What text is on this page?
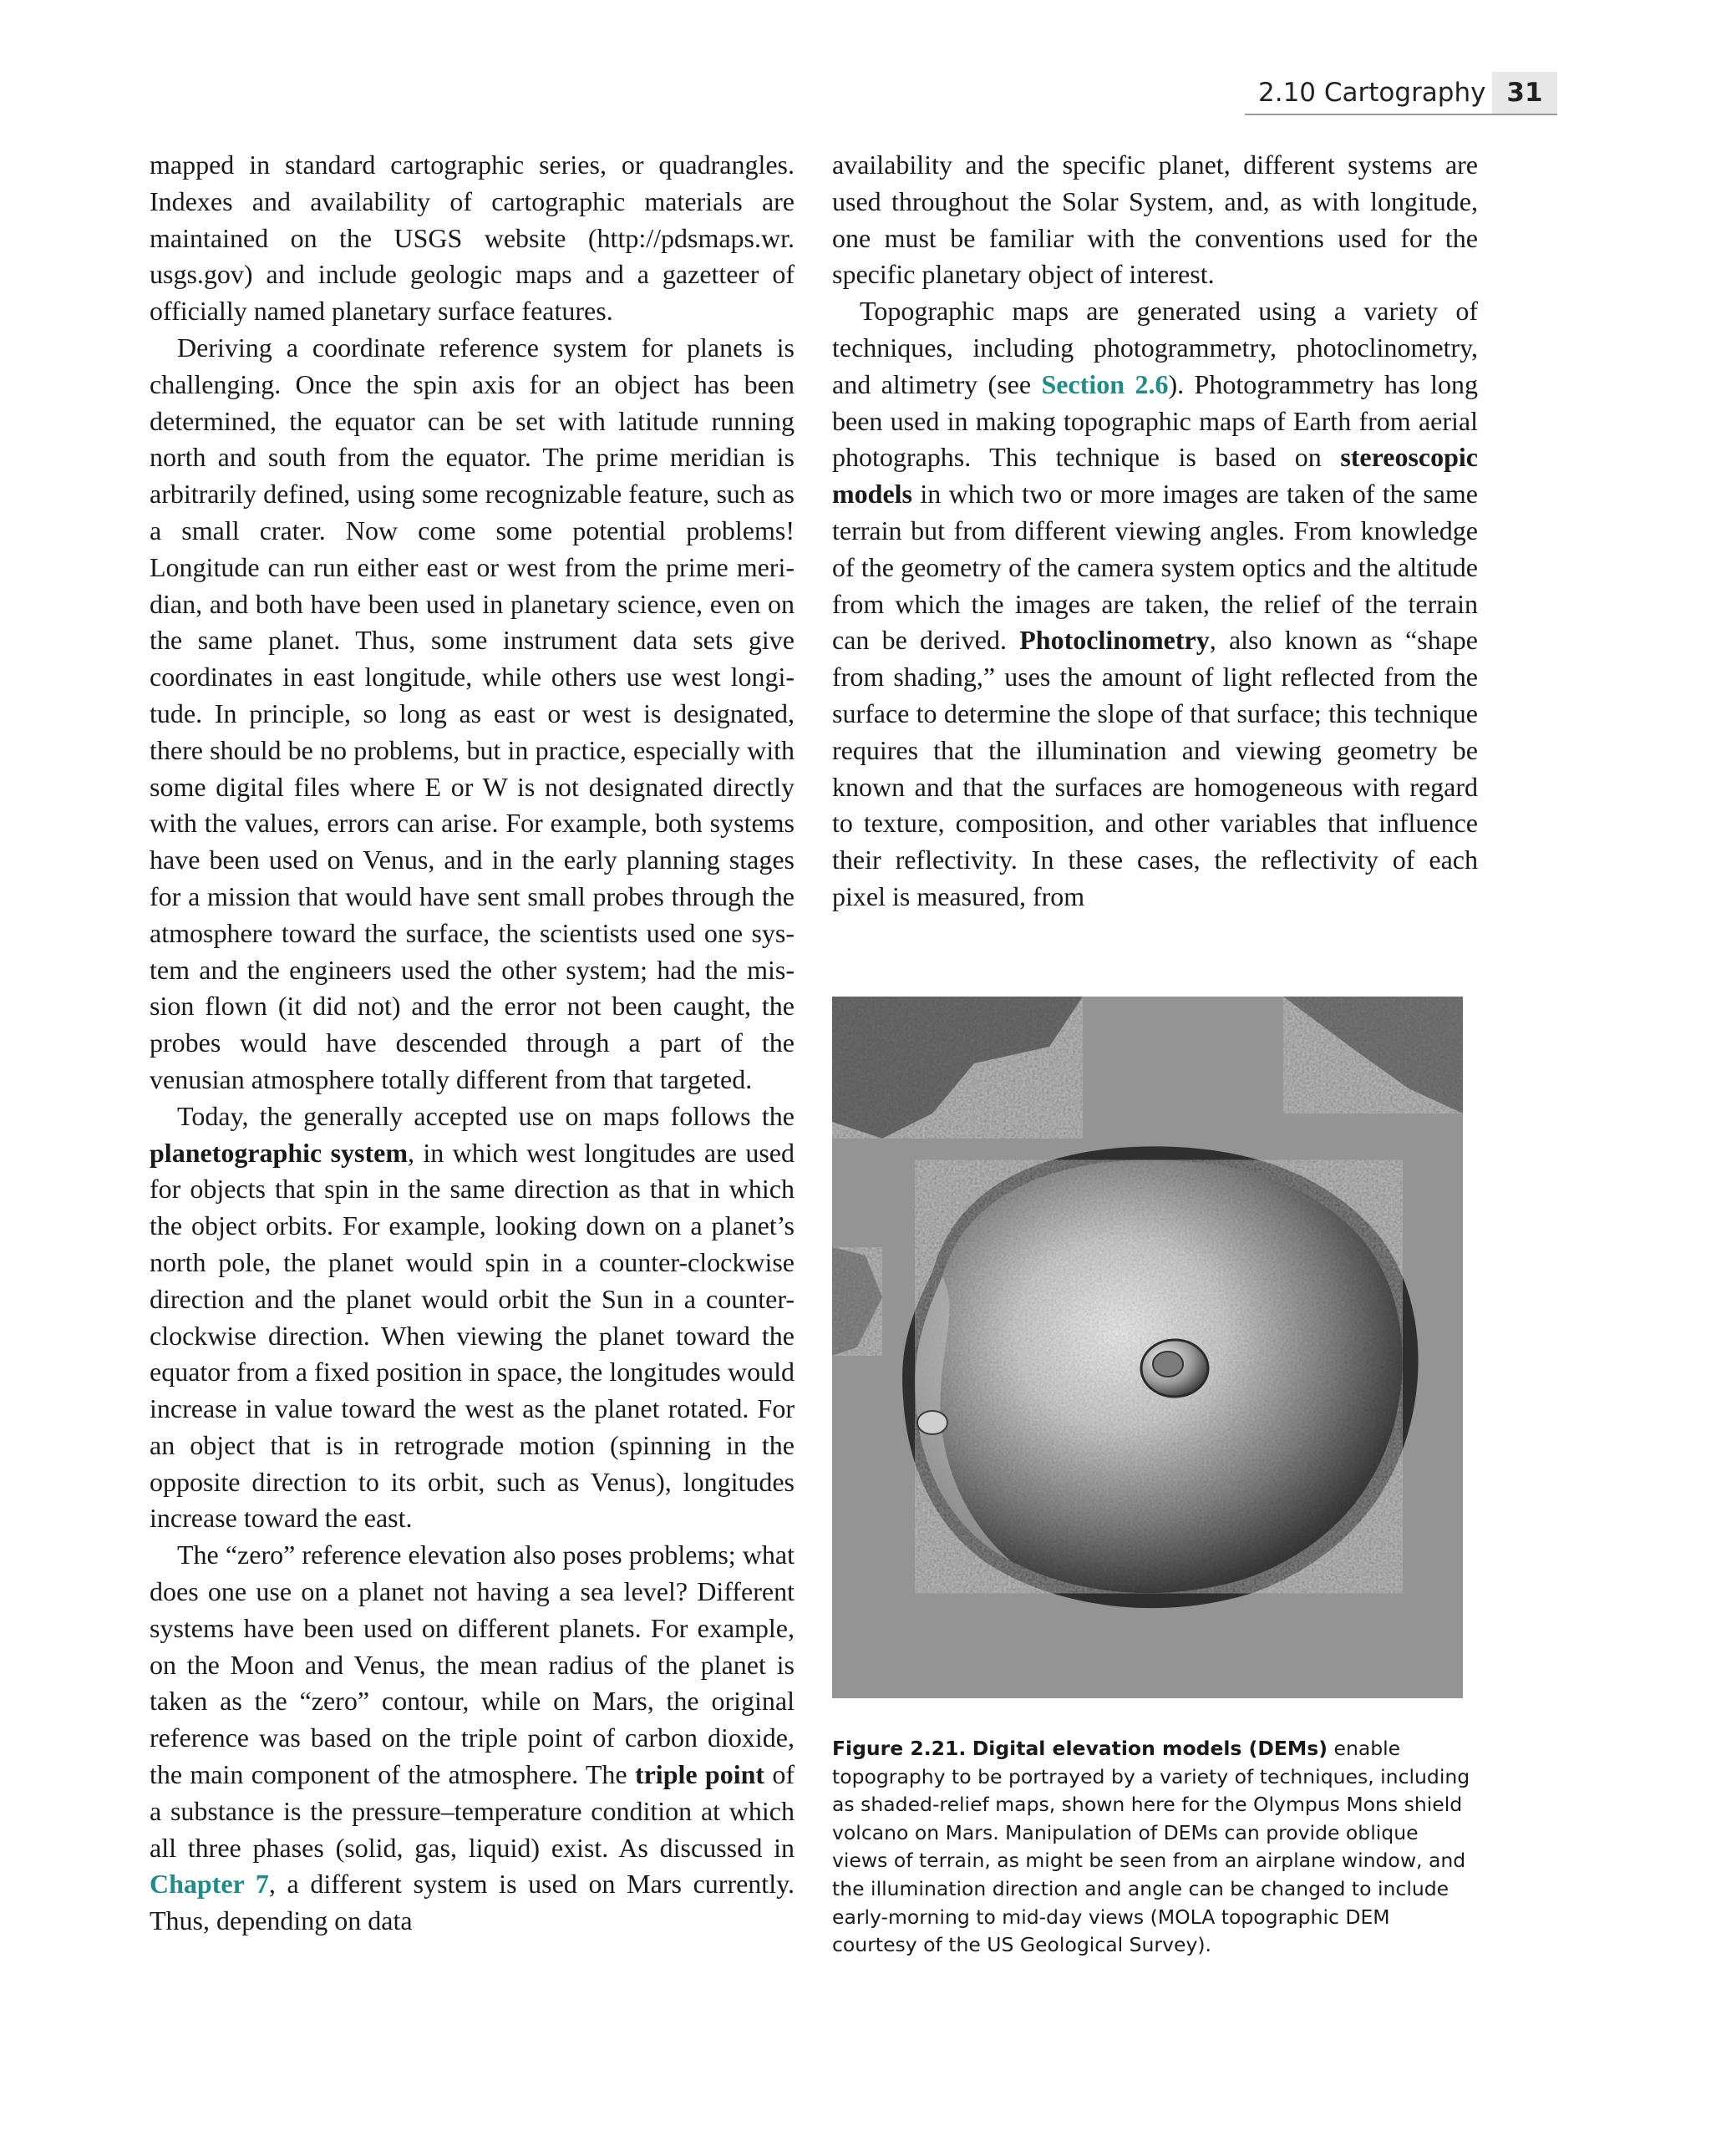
2.10 Cartography 31

mapped in standard cartographic series, or quadrangles. Indexes and availability of cartographic materials are maintained on the USGS website (http://pdsmaps.wr.​usgs.gov) and include geologic maps and a gazetteer of officially named planetary surface features.

Deriving a coordinate reference system for planets is challenging. Once the spin axis for an object has been determined, the equator can be set with latitude running north and south from the equator. The prime meridian is arbitrarily defined, using some recognizable feature, such as a small crater. Now come some potential problems! Longitude can run either east or west from the prime meridian, and both have been used in planetary science, even on the same planet. Thus, some instrument data sets give coordinates in east longitude, while others use west longitude. In principle, so long as east or west is designated, there should be no problems, but in practice, especially with some digital files where E or W is not designated directly with the values, errors can arise. For example, both systems have been used on Venus, and in the early planning stages for a mission that would have sent small probes through the atmosphere toward the surface, the scientists used one system and the engineers used the other system; had the mission flown (it did not) and the error not been caught, the probes would have descended through a part of the venusian atmosphere totally different from that targeted.

Today, the generally accepted use on maps follows the planetographic system, in which west longitudes are used for objects that spin in the same direction as that in which the object orbits. For example, looking down on a planet’s north pole, the planet would spin in a counter-clockwise direction and the planet would orbit the Sun in a counter-clockwise direction. When viewing the planet toward the equator from a fixed position in space, the longitudes would increase in value toward the west as the planet rotated. For an object that is in retrograde motion (spinning in the opposite direction to its orbit, such as Venus), longitudes increase toward the east.

The “zero” reference elevation also poses problems; what does one use on a planet not having a sea level? Different systems have been used on different planets. For example, on the Moon and Venus, the mean radius of the planet is taken as the “zero” contour, while on Mars, the original reference was based on the triple point of carbon dioxide, the main component of the atmosphere. The triple point of a substance is the pressure–temperature condition at which all three phases (solid, gas, liquid) exist. As discussed in Chapter 7, a different system is used on Mars currently. Thus, depending on data

availability and the specific planet, different systems are used throughout the Solar System, and, as with longitude, one must be familiar with the conventions used for the specific planetary object of interest.

Topographic maps are generated using a variety of techniques, including photogrammetry, photoclinometry, and altimetry (see Section 2.6). Photogrammetry has long been used in making topographic maps of Earth from aerial photographs. This technique is based on stereoscopic models in which two or more images are taken of the same terrain but from different viewing angles. From knowledge of the geometry of the camera system optics and the altitude from which the images are taken, the relief of the terrain can be derived. Photoclinometry, also known as “shape from shading,” uses the amount of light reflected from the surface to determine the slope of that surface; this technique requires that the illumination and viewing geometry be known and that the surfaces are homogeneous with regard to texture, composition, and other variables that influence their reflectivity. In these cases, the reflectivity of each pixel is measured, from

Figure 2.21. Digital elevation models (DEMs) enable topography to be portrayed by a variety of techniques, including as shaded-relief maps, shown here for the Olympus Mons shield volcano on Mars. Manipulation of DEMs can provide oblique views of terrain, as might be seen from an airplane window, and the illumination direction and angle can be changed to include early-morning to mid-day views (MOLA topographic DEM courtesy of the US Geological Survey).
